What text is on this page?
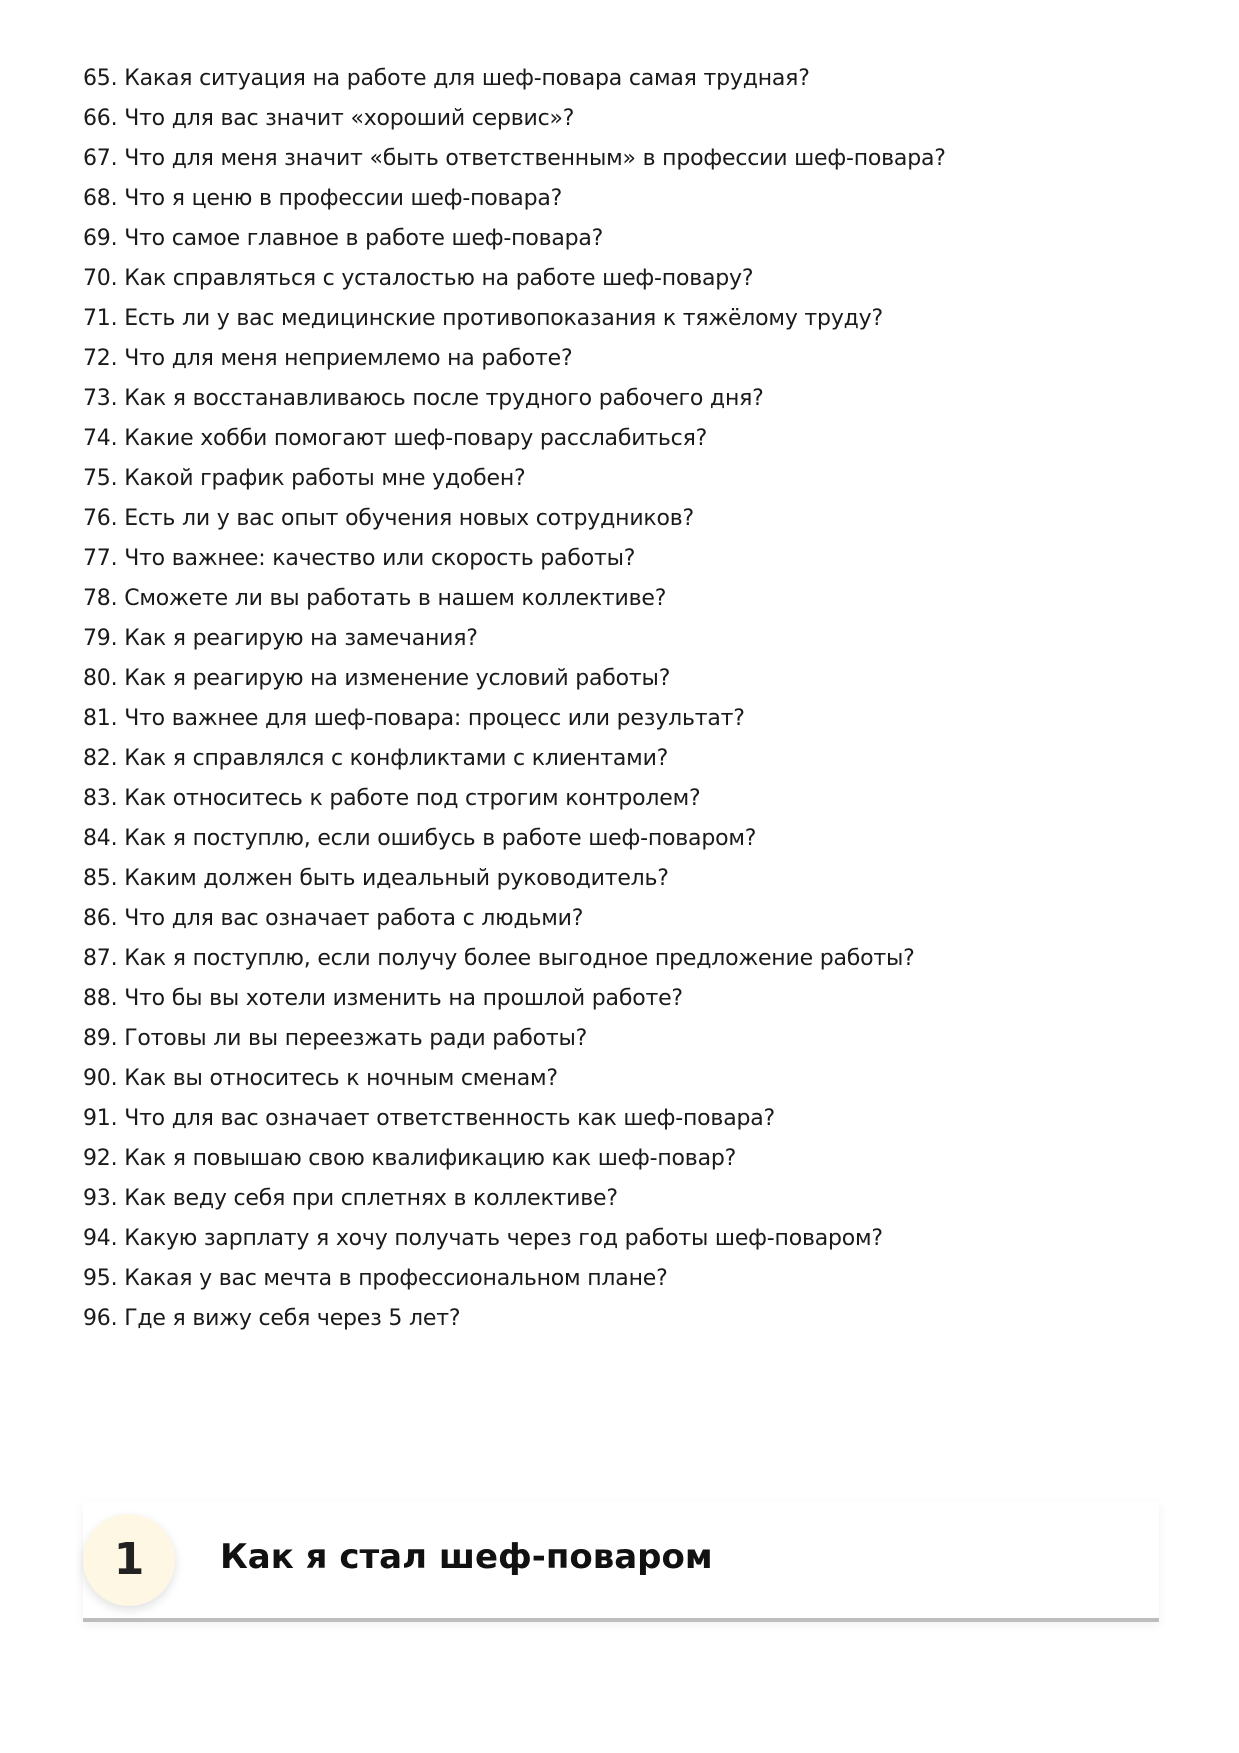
65. Какая ситуация на работе для шеф-повара самая трудная?
66. Что для вас значит «хороший сервис»?
67. Что для меня значит «быть ответственным» в профессии шеф-повара?
68. Что я ценю в профессии шеф-повара?
69. Что самое главное в работе шеф-повара?
70. Как справляться с усталостью на работе шеф-повару?
71. Есть ли у вас медицинские противопоказания к тяжёлому труду?
72. Что для меня неприемлемо на работе?
73. Как я восстанавливаюсь после трудного рабочего дня?
74. Какие хобби помогают шеф-повару расслабиться?
75. Какой график работы мне удобен?
76. Есть ли у вас опыт обучения новых сотрудников?
77. Что важнее: качество или скорость работы?
78. Сможете ли вы работать в нашем коллективе?
79. Как я реагирую на замечания?
80. Как я реагирую на изменение условий работы?
81. Что важнее для шеф-повара: процесс или результат?
82. Как я справлялся с конфликтами с клиентами?
83. Как относитесь к работе под строгим контролем?
84. Как я поступлю, если ошибусь в работе шеф-поваром?
85. Каким должен быть идеальный руководитель?
86. Что для вас означает работа с людьми?
87. Как я поступлю, если получу более выгодное предложение работы?
88. Что бы вы хотели изменить на прошлой работе?
89. Готовы ли вы переезжать ради работы?
90. Как вы относитесь к ночным сменам?
91. Что для вас означает ответственность как шеф-повара?
92. Как я повышаю свою квалификацию как шеф-повар?
93. Как веду себя при сплетнях в коллективе?
94. Какую зарплату я хочу получать через год работы шеф-поваром?
95. Какая у вас мечта в профессиональном плане?
96. Где я вижу себя через 5 лет?
1	Как я стал шеф-поваром
